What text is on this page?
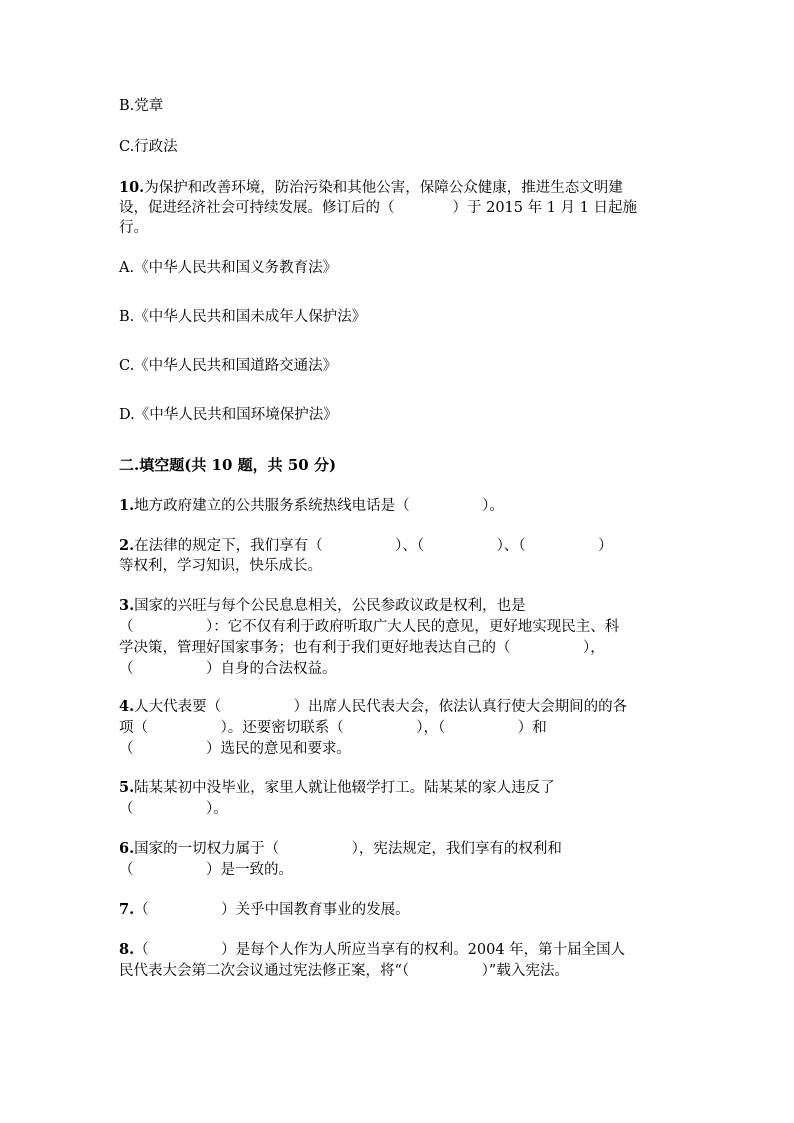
B.党章

C.行政法

10.为保护和改善环境，防治污染和其他公害，保障公众健康，推进生态文明建

设，促进经济社会可持续发展。修订后的（　　　　）于 2015 年 1 月 1 日起施

行。

A.《中华人民共和国义务教育法》

B.《中华人民共和国未成年人保护法》

C.《中华人民共和国道路交通法》

D.《中华人民共和国环境保护法》

二.填空题(共 10 题，共 50 分)

1.地方政府建立的公共服务系统热线电话是（　　　　　）。

2.在法律的规定下，我们享有（　　　　　）、（　　　　　）、（　　　　　）

等权利，学习知识，快乐成长。

3.国家的兴旺与每个公民息息相关，公民参政议政是权利，也是

（　　　　　）：它不仅有利于政府听取广大人民的意见，更好地实现民主、科

学决策，管理好国家事务；也有利于我们更好地表达自己的（　　　　　），

（　　　　　）自身的合法权益。

4.人大代表要（　　　　　）出席人民代表大会，依法认真行使大会期间的的各

项（　　　　　）。还要密切联系（　　　　　），（　　　　　）和

（　　　　　）选民的意见和要求。

5.陆某某初中没毕业，家里人就让他辍学打工。陆某某的家人违反了

（　　　　　）。

6.国家的一切权力属于（　　　　　），宪法规定，我们享有的权利和

（　　　　　）是一致的。

7.（　　　　　）关乎中国教育事业的发展。

8.（　　　　　）是每个人作为人所应当享有的权利。2004 年，第十届全国人

民代表大会第二次会议通过宪法修正案，将“（　　　　　）”载入宪法。
